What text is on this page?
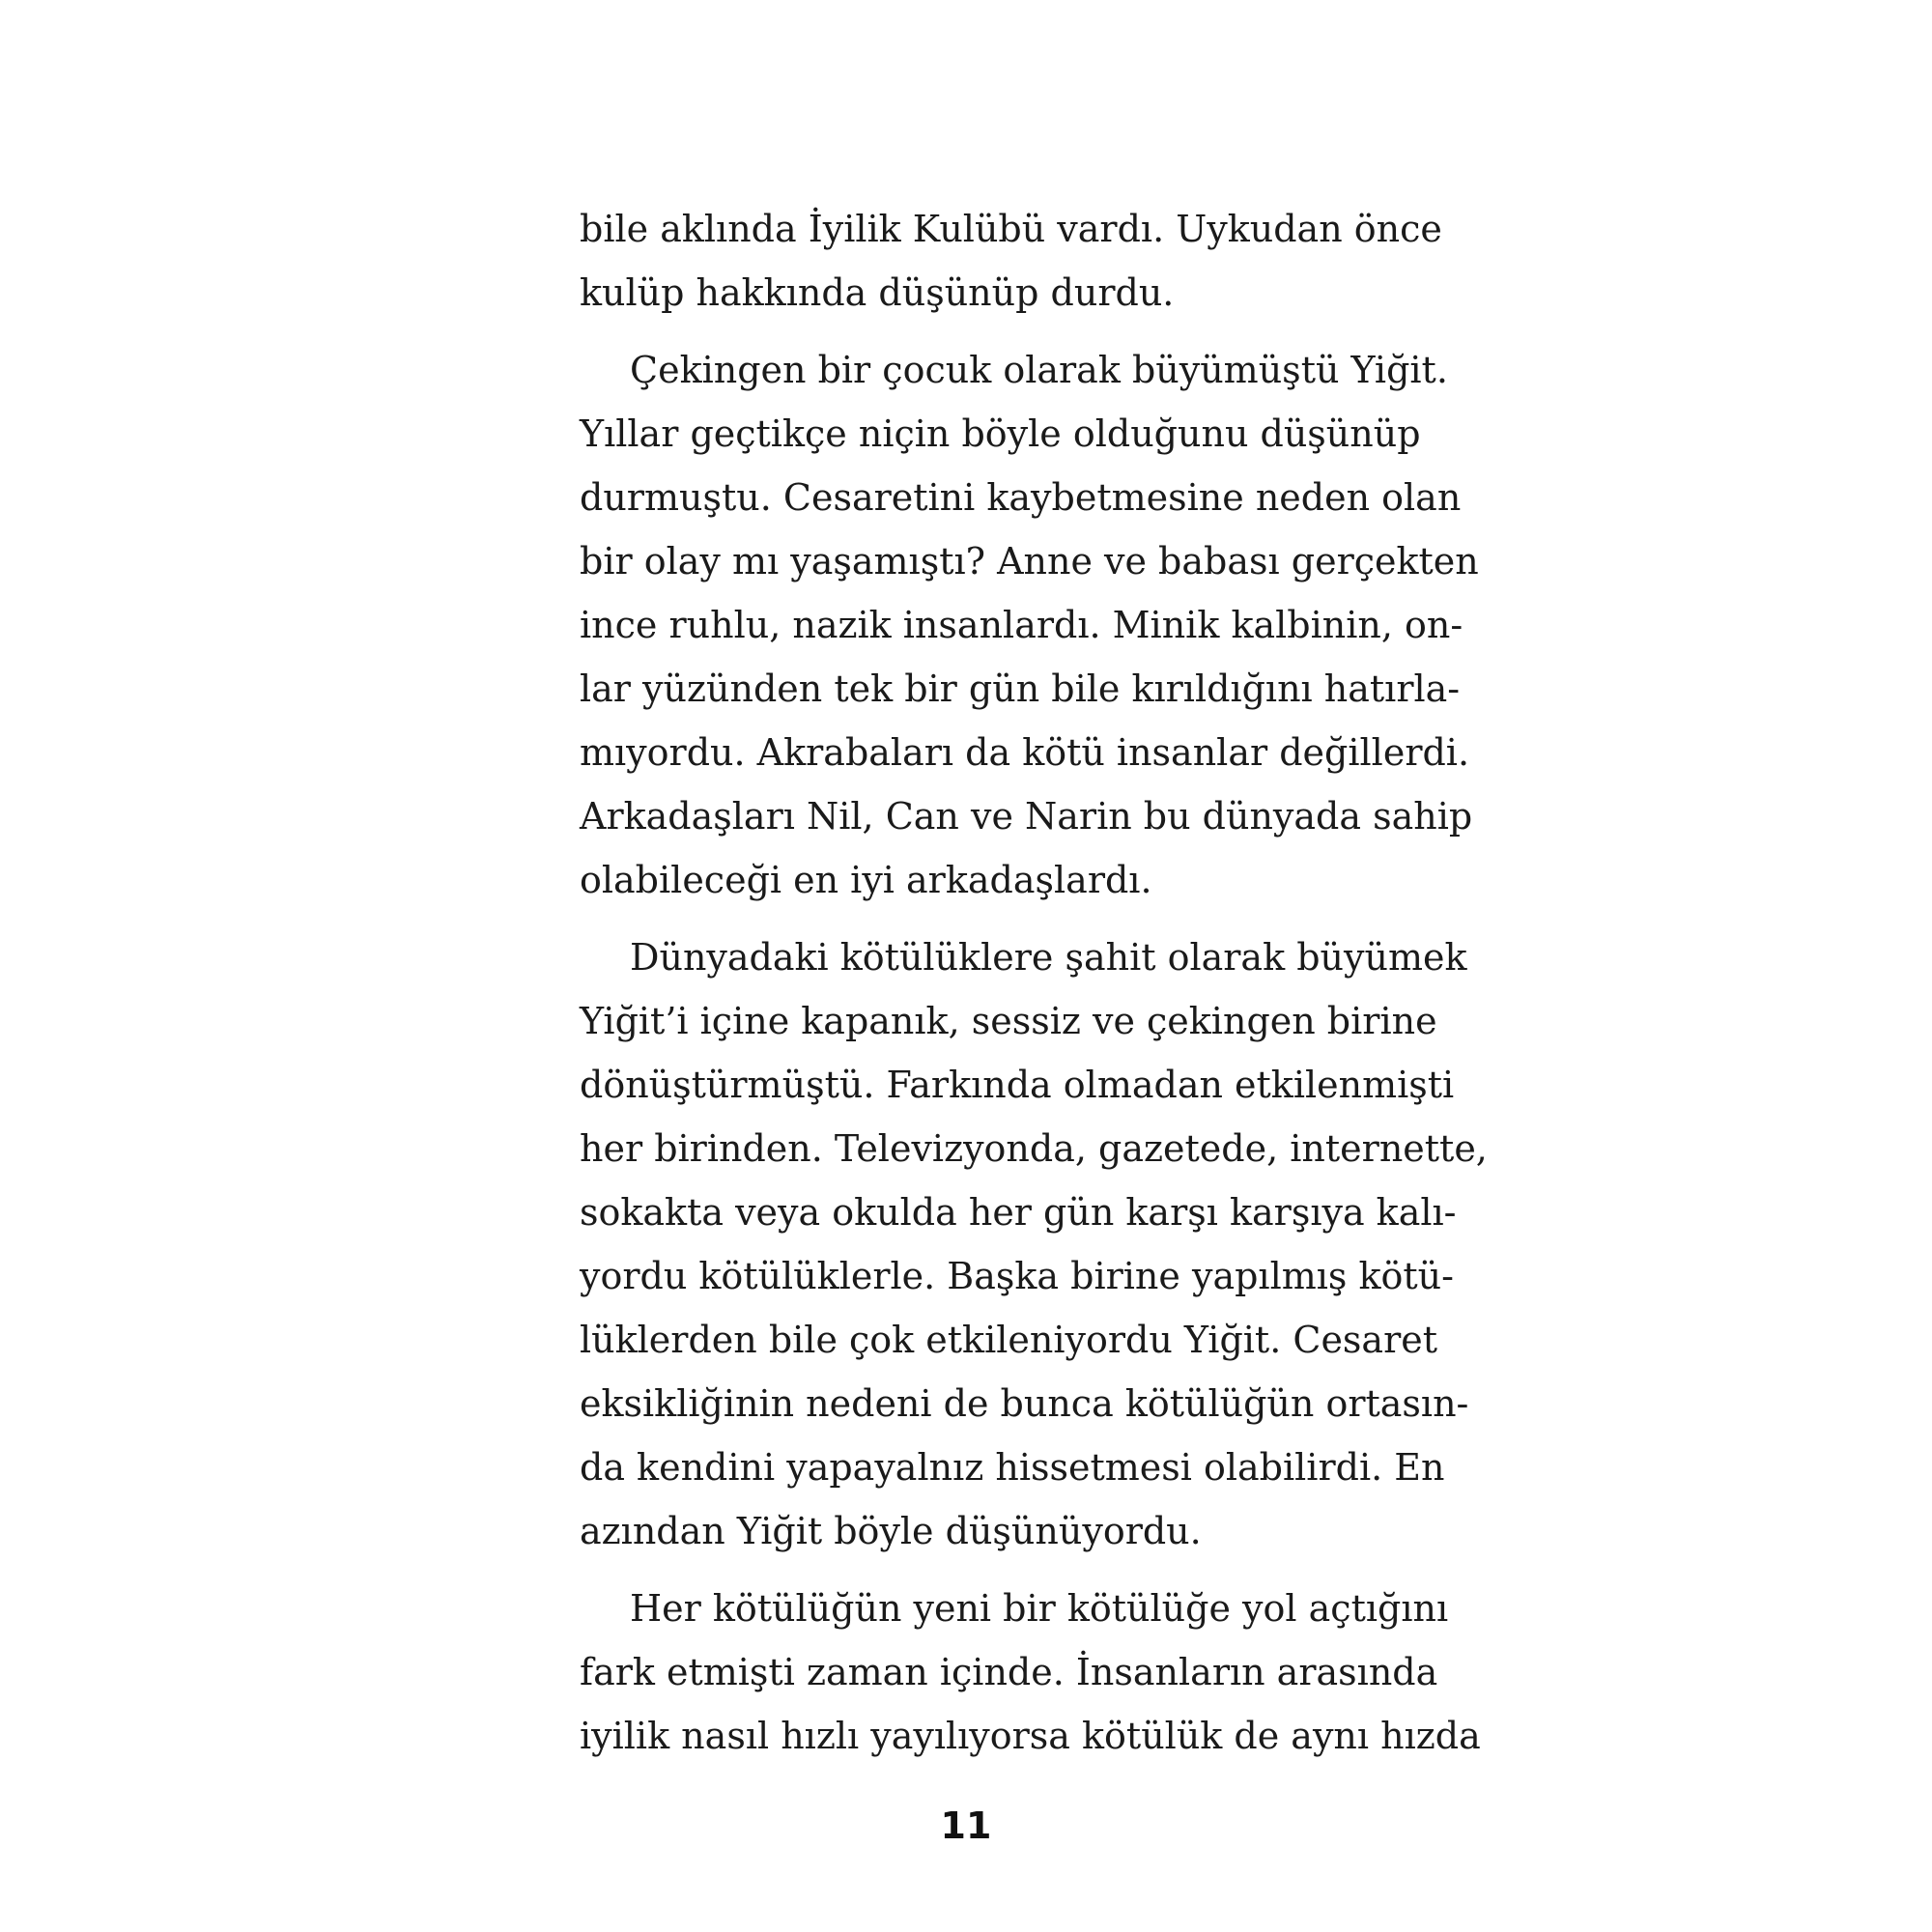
bile aklında İyilik Kulübü vardı. Uykudan önce
kulüp hakkında düşünüp durdu.
Çekingen bir çocuk olarak büyümüştü Yiğit.
Yıllar geçtikçe niçin böyle olduğunu düşünüp
durmuştu. Cesaretini kaybetmesine neden olan
bir olay mı yaşamıştı? Anne ve babası gerçekten
ince ruhlu, nazik insanlardı. Minik kalbinin, on-
lar yüzünden tek bir gün bile kırıldığını hatırla-
mıyordu. Akrabaları da kötü insanlar değillerdi.
Arkadaşları Nil, Can ve Narin bu dünyada sahip
olabileceği en iyi arkadaşlardı.
Dünyadaki kötülüklere şahit olarak büyümek
Yiğit’i içine kapanık, sessiz ve çekingen birine
dönüştürmüştü. Farkında olmadan etkilenmişti
her birinden. Televizyonda, gazetede, internette,
sokakta veya okulda her gün karşı karşıya kalı-
yordu kötülüklerle. Başka birine yapılmış kötü-
lüklerden bile çok etkileniyordu Yiğit. Cesaret
eksikliğinin nedeni de bunca kötülüğün ortasın-
da kendini yapayalnız hissetmesi olabilirdi. En
azından Yiğit böyle düşünüyordu.
Her kötülüğün yeni bir kötülüğe yol açtığını
fark etmişti zaman içinde. İnsanların arasında
iyilik nasıl hızlı yayılıyorsa kötülük de aynı hızda
11
